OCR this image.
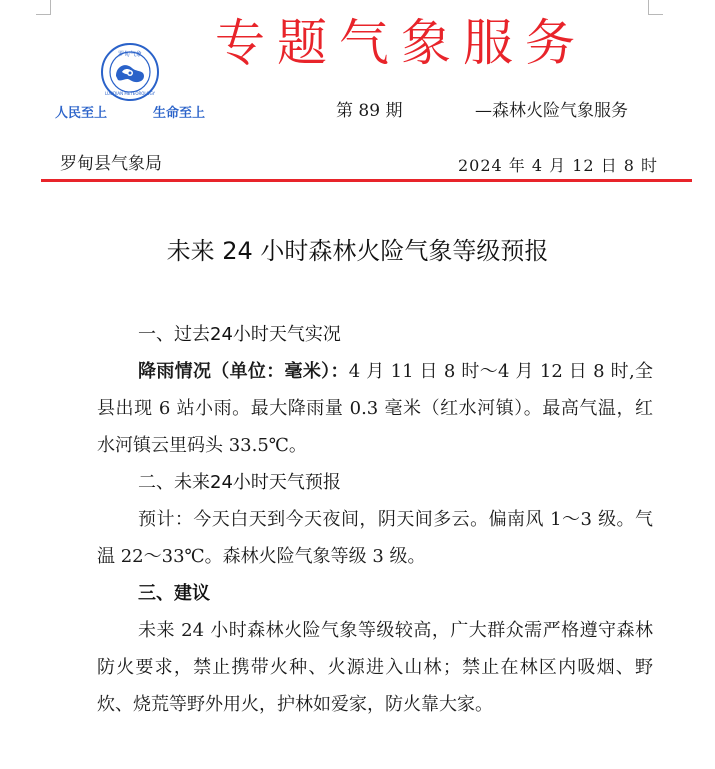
专题气象服务
罗甸气象
LUODIAN METEOROLOGY
人民至上	生命至上	第 89 期	—森林火险气象服务
罗甸县气象局	2024 年 4 月 12 日 8 时
未来 24 小时森林火险气象等级预报

一、过去24小时天气实况

降雨情况（单位：毫米）：4 月 11 日 8 时～4 月 12 日 8 时,全县出现 6 站小雨。最大降雨量 0.3 毫米（红水河镇）。最高气温，红水河镇云里码头 33.5℃。

二、未来24小时天气预报

预计：今天白天到今天夜间，阴天间多云。偏南风 1～3 级。气温 22～33℃。森林火险气象等级 3 级。

三、建议

未来 24 小时森林火险气象等级较高，广大群众需严格遵守森林防火要求，禁止携带火种、火源进入山林；禁止在林区内吸烟、野炊、烧荒等野外用火，护林如爱家，防火靠大家。
